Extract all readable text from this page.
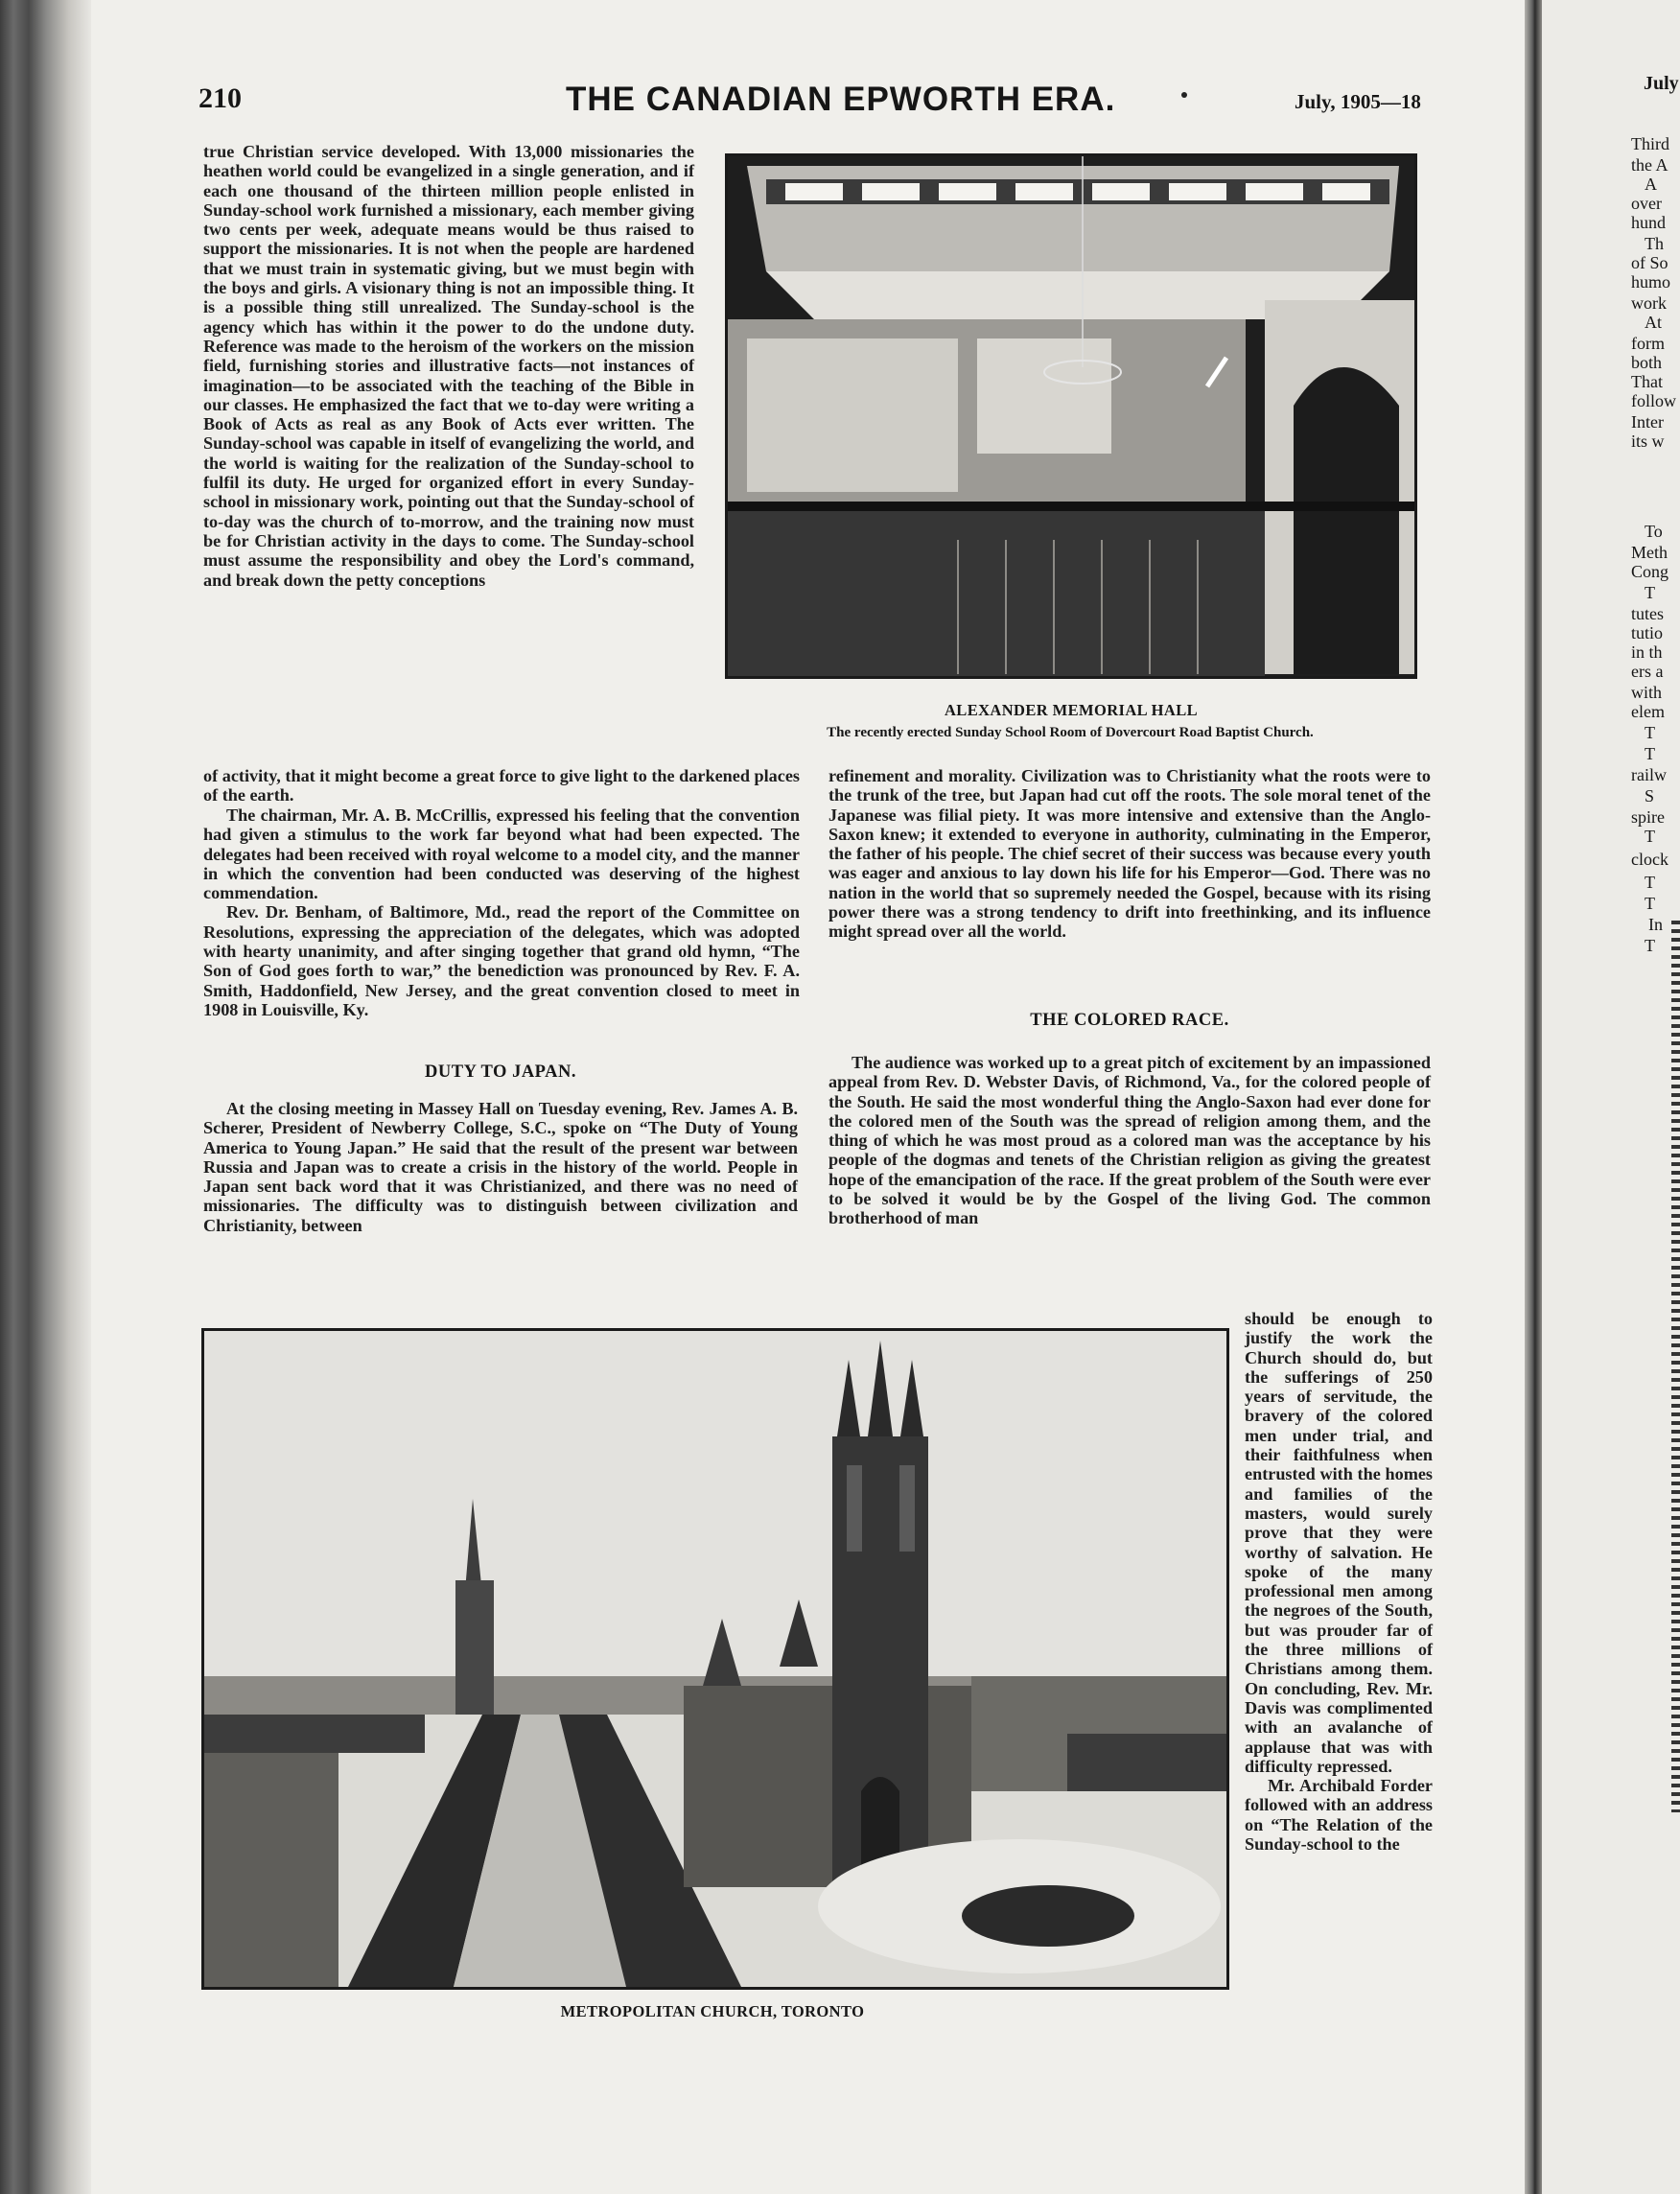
July
Third
the A
A
over
hund
Th
of So
humo
work
At
form
both
That
follow
Inter
its w
To
Meth
Cong
T
tutes
tutio
in th
ers a
with
elem
T
T
railw
S
spire
T
clock
T
T
In
T
210	THE CANADIAN EPWORTH ERA.	July, 1905—18

true Christian service developed. With 13,000 missionaries the heathen world could be evangelized in a single generation, and if each one thousand of the thirteen million people enlisted in Sunday-school work furnished a missionary, each member giving two cents per week, adequate means would be thus raised to support the missionaries. It is not when the people are hardened that we must train in systematic giving, but we must begin with the boys and girls. A visionary thing is not an impossible thing. It is a possible thing still unrealized. The Sunday-school is the agency which has within it the power to do the undone duty. Reference was made to the heroism of the workers on the mission field, furnishing stories and illustrative facts—not instances of imagination—to be associated with the teaching of the Bible in our classes. He emphasized the fact that we to-day were writing a Book of Acts as real as any Book of Acts ever written. The Sunday-school was capable in itself of evangelizing the world, and the world is waiting for the realization of the Sunday-school to fulfil its duty. He urged for organized effort in every Sunday-school in missionary work, pointing out that the Sunday-school of to-day was the church of to-morrow, and the training now must be for Christian activity in the days to come. The Sunday-school must assume the responsibility and obey the Lord's command, and break down the petty conceptions

of activity, that it might become a great force to give light to the darkened places of the earth.

The chairman, Mr. A. B. McCrillis, expressed his feeling that the convention had given a stimulus to the work far beyond what had been expected. The delegates had been received with royal welcome to a model city, and the manner in which the convention had been conducted was deserving of the highest commendation.

Rev. Dr. Benham, of Baltimore, Md., read the report of the Committee on Resolutions, expressing the appreciation of the delegates, which was adopted with hearty unanimity, and after singing together that grand old hymn, “The Son of God goes forth to war,” the benediction was pronounced by Rev. F. A. Smith, Haddonfield, New Jersey, and the great convention closed to meet in 1908 in Louisville, Ky.

DUTY TO JAPAN.

At the closing meeting in Massey Hall on Tuesday evening, Rev. James A. B. Scherer, President of Newberry College, S.C., spoke on “The Duty of Young America to Young Japan.” He said that the result of the present war between Russia and Japan was to create a crisis in the history of the world. People in Japan sent back word that it was Christianized, and there was no need of missionaries. The difficulty was to distinguish between civilization and Christianity, between

ALEXANDER MEMORIAL HALL
The recently erected Sunday School Room of Dovercourt Road Baptist Church.

refinement and morality. Civilization was to Christianity what the roots were to the trunk of the tree, but Japan had cut off the roots. The sole moral tenet of the Japanese was filial piety. It was more intensive and extensive than the Anglo-Saxon knew; it extended to everyone in authority, culminating in the Emperor, the father of his people. The chief secret of their success was because every youth was eager and anxious to lay down his life for his Emperor—God. There was no nation in the world that so supremely needed the Gospel, because with its rising power there was a strong tendency to drift into freethinking, and its influence might spread over all the world.

THE COLORED RACE.

The audience was worked up to a great pitch of excitement by an impassioned appeal from Rev. D. Webster Davis, of Richmond, Va., for the colored people of the South. He said the most wonderful thing the Anglo-Saxon had ever done for the colored men of the South was the spread of religion among them, and the thing of which he was most proud as a colored man was the acceptance by his people of the dogmas and tenets of the Christian religion as giving the greatest hope of the emancipation of the race. If the great problem of the South were ever to be solved it would be by the Gospel of the living God. The common brotherhood of man

METROPOLITAN CHURCH, TORONTO

should be enough to justify the work the Church should do, but the sufferings of 250 years of servitude, the bravery of the colored men under trial, and their faithfulness when entrusted with the homes and families of the masters, would surely prove that they were worthy of salvation. He spoke of the many professional men among the negroes of the South, but was prouder far of the three millions of Christians among them. On concluding, Rev. Mr. Davis was complimented with an avalanche of applause that was with difficulty repressed.

Mr. Archibald Forder followed with an address on “The Relation of the Sunday-school to the
